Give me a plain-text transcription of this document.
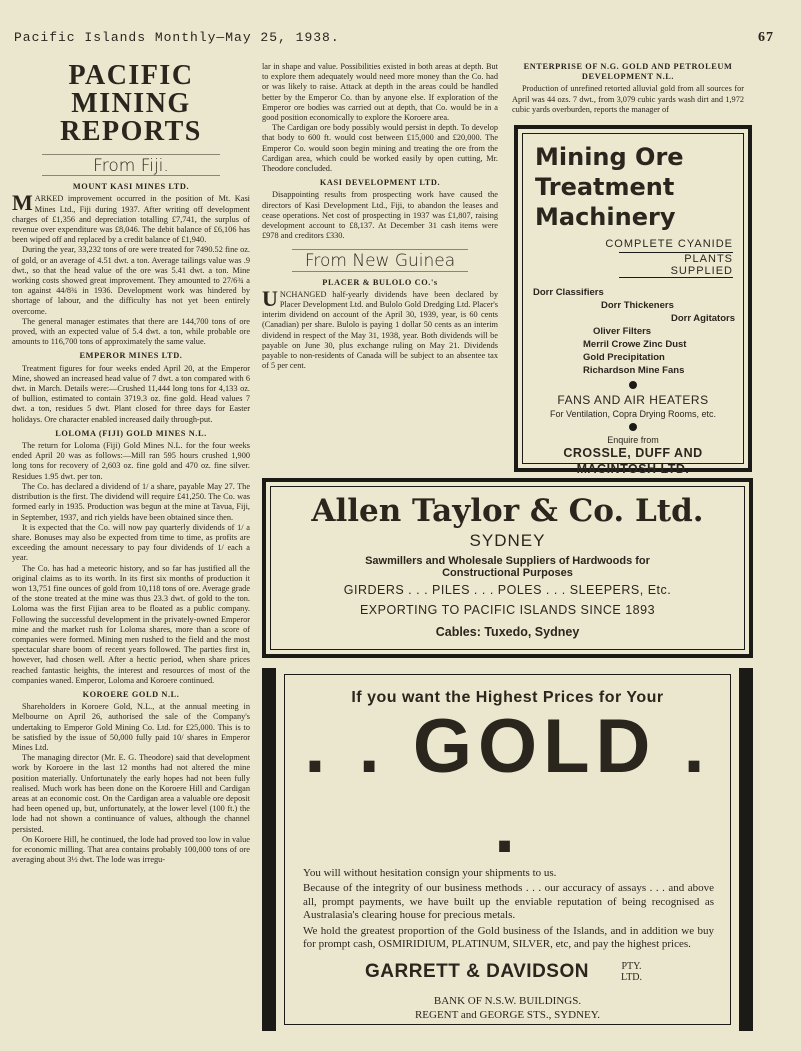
Pacific Islands Monthly—May 25, 1938.	67
PACIFIC MINING REPORTS
From Fiji.
MOUNT KASI MINES LTD.

MARKED improvement occurred in the position of Mt. Kasi Mines Ltd., Fiji during 1937. After writing off development charges of £1,356 and depreciation totalling £7,741, the surplus of revenue over expenditure was £8,046. The debit balance of £6,106 has been wiped off and replaced by a credit balance of £1,940.

During the year, 33,232 tons of ore were treated for 7490.52 fine oz. of gold, or an average of 4.51 dwt. a ton. Average tailings value was .9 dwt., so that the head value of the ore was 5.41 dwt. a ton. Mine working costs showed great improvement. They amounted to 27/6¾ a ton against 44/8¾ in 1936. Development work was hindered by shortage of labour, and the difficulty has not yet been entirely overcome.

The general manager estimates that there are 144,700 tons of ore proved, with an expected value of 5.4 dwt. a ton, while probable ore amounts to 116,700 tons of approximately the same value.

EMPEROR MINES LTD.

Treatment figures for four weeks ended April 20, at the Emperor Mine, showed an increased head value of 7 dwt. a ton compared with 6 dwt. in March. Details were:—Crushed 11,444 long tons for 4,133 oz. of bullion, estimated to contain 3719.3 oz. fine gold. Head values 7 dwt. a ton, residues 5 dwt. Plant closed for three days for Easter holidays. Ore character enabled increased daily through-put.

LOLOMA (FIJI) GOLD MINES N.L.

The return for Loloma (Fiji) Gold Mines N.L. for the four weeks ended April 20 was as follows:—Mill ran 595 hours crushed 1,900 long tons for recovery of 2,603 oz. fine gold and 470 oz. fine silver. Residues 1.95 dwt. per ton.

The Co. has declared a dividend of 1/ a share, payable May 27. The distribution is the first. The dividend will require £41,250. The Co. was formed early in 1935. Production was begun at the mine at Tavua, Fiji, in September, 1937, and rich yields have been obtained since then.

It is expected that the Co. will now pay quarterly dividends of 1/ a share. Bonuses may also be expected from time to time, as profits are exceeding the amount necessary to pay four dividends of 1/ each a year.

The Co. has had a meteoric history, and so far has justified all the original claims as to its worth. In its first six months of production it won 13,751 fine ounces of gold from 10,118 tons of ore. Average grade of the stone treated at the mine was thus 23.3 dwt. of gold to the ton. Loloma was the first Fijian area to be floated as a public company. Following the successful development in the privately-owned Emperor mine and the market rush for Loloma shares, more than a score of companies were formed. Mining men rushed to the field and the most spectacular share boom of recent years followed. The parties first in, however, had chosen well. After a hectic period, when share prices reached fantastic heights, the interest and resources of most of the companies waned. Emperor, Loloma and Koroere continued.

KOROERE GOLD N.L.

Shareholders in Koroere Gold, N.L., at the annual meeting in Melbourne on April 26, authorised the sale of the Company's undertaking to Emperor Gold Mining Co. Ltd. for £25,000. This is to be satisfied by the issue of 50,000 fully paid 10/ shares in Emperor Mines Ltd.

The managing director (Mr. E. G. Theodore) said that development work by Koroere in the last 12 months had not altered the mine position materially. Unfortunately the early hopes had not been fully realised. Much work has been done on the Koroere Hill and Cardigan areas at an economic cost. On the Cardigan area a valuable ore deposit had been opened up, but, unfortunately, at the lower level (100 ft.) the lode had not shown a continuance of values, although the channel persisted.

On Koroere Hill, he continued, the lode had proved too low in value for economic milling. That area contains probably 100,000 tons of ore averaging about 3½ dwt. The lode was irregu-

lar in shape and value. Possibilities existed in both areas at depth. But to explore them adequately would need more money than the Co. had or was likely to raise. Attack at depth in the areas could be handled better by the Emperor Co. than by anyone else. If exploration of the Emperor ore bodies was carried out at depth, that Co. would be in a good position economically to explore the Koroere area.

The Cardigan ore body possibly would persist in depth. To develop that body to 600 ft. would cost between £15,000 and £20,000. The Emperor Co. would soon begin mining and treating the ore from the Cardigan area, which could be worked easily by open cutting, Mr. Theodore concluded.

KASI DEVELOPMENT LTD.

Disappointing results from prospecting work have caused the directors of Kasi Development Ltd., Fiji, to abandon the leases and cease operations. Net cost of prospecting in 1937 was £1,807, raising development account to £8,137. At December 31 cash items were £978 and creditors £330.

From New Guinea
PLACER & BULOLO CO.'s

UNCHANGED half-yearly dividends have been declared by Placer Development Ltd. and Bulolo Gold Dredging Ltd. Placer's interim dividend on account of the April 30, 1939, year, is 60 cents (Canadian) per share. Bulolo is paying 1 dollar 50 cents as an interim dividend in respect of the May 31, 1938, year. Both dividends will be payable on June 30, plus exchange ruling on May 21. Dividends payable to non-residents of Canada will be subject to an absentee tax of 5 per cent.

ENTERPRISE OF N.G. GOLD AND PETROLEUM DEVELOPMENT N.L.

Production of unrefined retorted alluvial gold from all sources for April was 44 ozs. 7 dwt., from 3,079 cubic yards wash dirt and 1,972 cubic yards overburden, reports the manager of

Mining Ore
Treatment
Machinery
COMPLETE CYANIDE
PLANTS SUPPLIED
Dorr Classifiers
Dorr Thickeners
Dorr Agitators
Oliver Filters
Merril Crowe Zinc Dust
Gold Precipitation
Richardson Mine Fans
FANS AND AIR HEATERS
For Ventilation, Copra Drying Rooms, etc.
Enquire from
CROSSLE, DUFF AND
MACINTOSH LTD.
Allen Taylor & Co. Ltd.
SYDNEY
Sawmillers and Wholesale Suppliers of Hardwoods for
Constructional Purposes
GIRDERS . . . PILES . . . POLES . . . SLEEPERS, Etc.
EXPORTING TO PACIFIC ISLANDS SINCE 1893
Cables: Tuxedo, Sydney
If you want the Highest Prices for Your
. . GOLD . .

You will without hesitation consign your shipments to us.

Because of the integrity of our business methods . . . our accuracy of assays . . . and above all, prompt payments, we have built up the enviable reputation of being recognised as Australasia's clearing house for precious metals.

We hold the greatest proportion of the Gold business of the Islands, and in addition we buy for prompt cash, OSMIRIDIUM, PLATINUM, SILVER, etc, and pay the highest prices.

GARRETT & DAVIDSON	PTY.
LTD.
BANK OF N.S.W. BUILDINGS.
REGENT and GEORGE STS., SYDNEY.
